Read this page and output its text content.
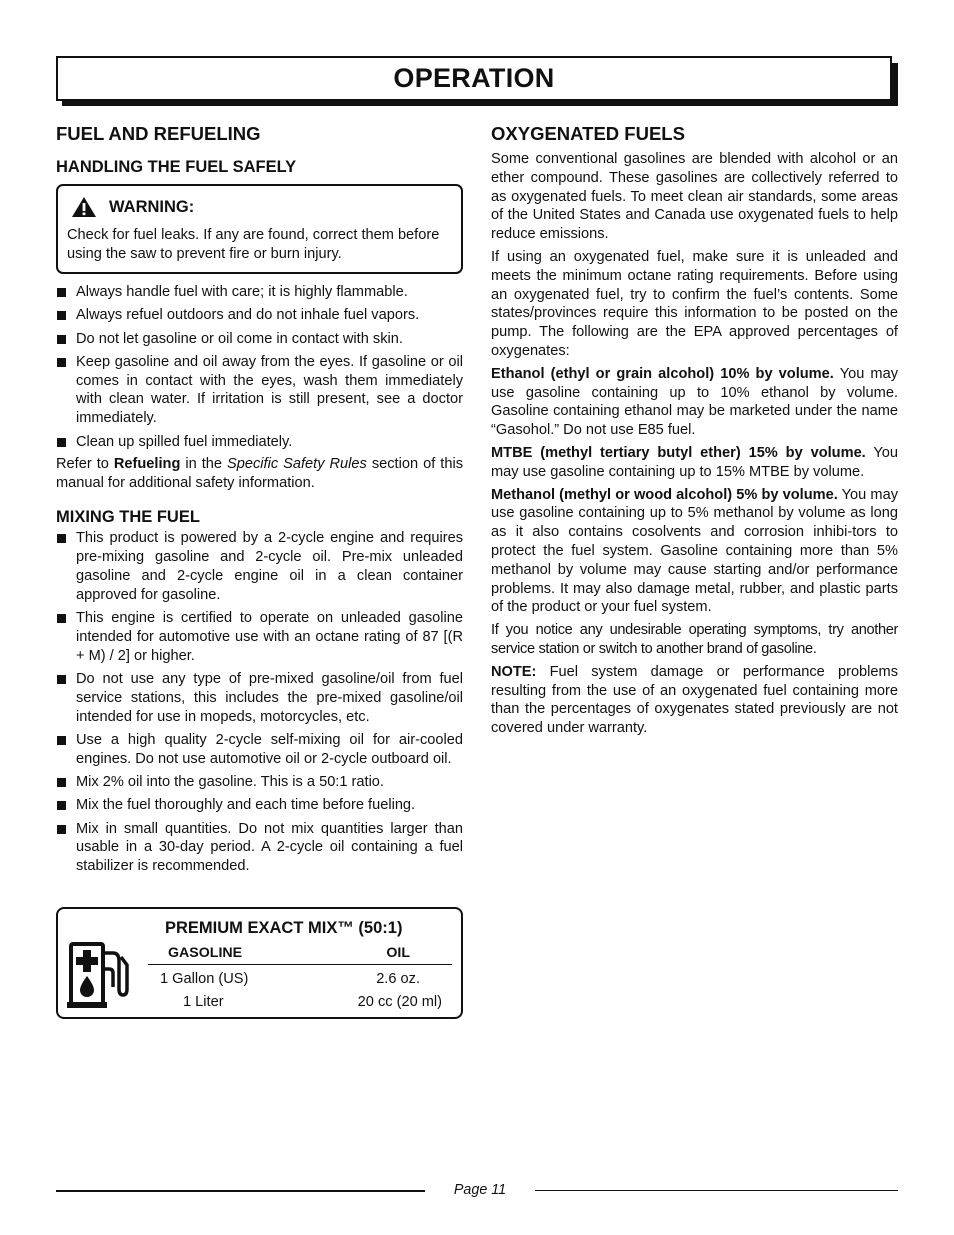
OPERATION
FUEL AND REFUELING
HANDLING THE FUEL SAFELY
WARNING:
Check for fuel leaks. If any are found, correct them before using the saw to prevent fire or burn injury.
Always handle fuel with care; it is highly flammable.
Always refuel outdoors and do not inhale fuel vapors.
Do not let gasoline or oil come in contact with skin.
Keep gasoline and oil away from the eyes. If gasoline or oil comes in contact with the eyes, wash them immediately with clean water. If irritation is still present, see a doctor immediately.
Clean up spilled fuel immediately.

Refer to Refueling in the Specific Safety Rules section of this manual for additional safety information.

MIXING THE FUEL
This product is powered by a 2-cycle engine and requires pre-mixing gasoline and 2-cycle oil. Pre-mix unleaded gasoline and 2-cycle engine oil in a clean container approved for gasoline.
This engine is certified to operate on unleaded gasoline intended for automotive use with an octane rating of 87 [(R + M) / 2] or higher.
Do not use any type of pre-mixed gasoline/oil from fuel service stations, this includes the pre-mixed gasoline/oil intended for use in mopeds, motorcycles, etc.
Use a high quality 2-cycle self-mixing oil for air-cooled engines. Do not use automotive oil or 2-cycle outboard oil.
Mix 2% oil into the gasoline. This is a 50:1 ratio.
Mix the fuel thoroughly and each time before fueling.
Mix in small quantities. Do not mix quantities larger than usable in a 30-day period. A 2-cycle oil containing a fuel stabilizer is recommended.
PREMIUM EXACT MIX™ (50:1)
GASOLINE	OIL
1 Gallon (US)	2.6 oz.
1 Liter	20 cc (20 ml)
OXYGENATED FUELS

Some conventional gasolines are blended with alcohol or an ether compound. These gasolines are collectively referred to as oxygenated fuels. To meet clean air standards, some areas of the United States and Canada use oxygenated fuels to help reduce emissions.

If using an oxygenated fuel, make sure it is unleaded and meets the minimum octane rating requirements. Before using an oxygenated fuel, try to confirm the fuel’s contents. Some states/provinces require this information to be posted on the pump. The following are the EPA approved percentages of oxygenates:

Ethanol (ethyl or grain alcohol) 10% by volume. You may use gasoline containing up to 10% ethanol by volume. Gasoline containing ethanol may be marketed under the name “Gasohol.” Do not use E85 fuel.

MTBE (methyl tertiary butyl ether) 15% by volume. You may use gasoline containing up to 15% MTBE by volume.

Methanol (methyl or wood alcohol) 5% by volume. You may use gasoline containing up to 5% methanol by volume as long as it also contains cosolvents and corrosion inhibi-tors to protect the fuel system. Gasoline containing more than 5% methanol by volume may cause starting and/or performance problems. It may also damage metal, rubber, and plastic parts of the product or your fuel system.

If you notice any undesirable operating symptoms, try another service station or switch to another brand of gasoline.

NOTE: Fuel system damage or performance problems resulting from the use of an oxygenated fuel containing more than the percentages of oxygenates stated previously are not covered under warranty.

Page 11
